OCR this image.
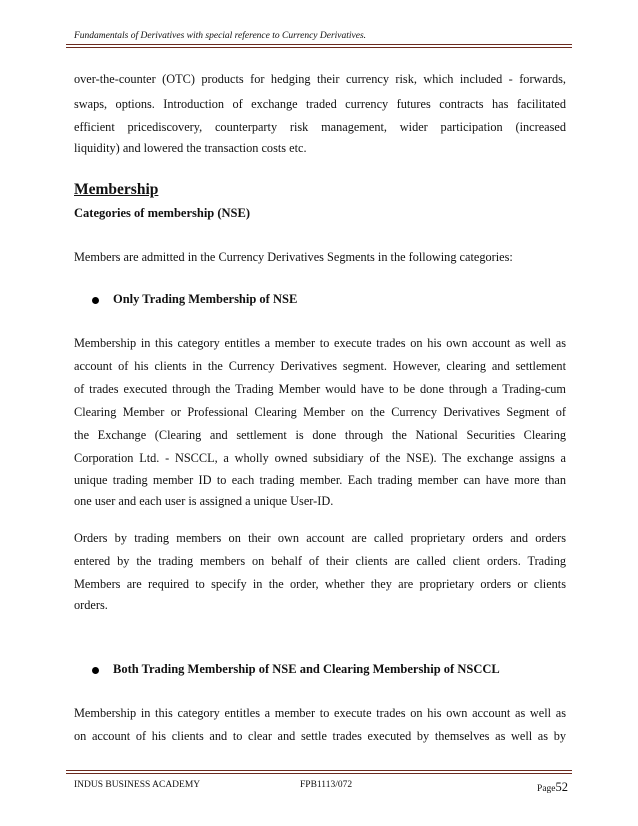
Fundamentals of Derivatives with special reference to Currency Derivatives.
over-the-counter (OTC) products for hedging their currency risk, which included - forwards,
swaps, options. Introduction of exchange traded currency futures contracts has facilitated
efficient pricediscovery, counterparty risk management, wider participation (increased
liquidity) and lowered the transaction costs etc.
Membership
Categories of membership (NSE)
Members are admitted in the Currency Derivatives Segments in the following categories:
Only Trading Membership of NSE
Membership in this category entitles a member to execute trades on his own account as well as
account of his clients in the Currency Derivatives segment. However, clearing and settlement
of trades executed through the Trading Member would have to be done through a Trading-cum
Clearing Member or Professional Clearing Member on the Currency Derivatives Segment of
the Exchange (Clearing and settlement is done through the National Securities Clearing
Corporation Ltd. - NSCCL, a wholly owned subsidiary of the NSE). The exchange assigns a
unique trading member ID to each trading member. Each trading member can have more than
one user and each user is assigned a unique User-ID.
Orders by trading members on their own account are called proprietary orders and orders
entered by the trading members on behalf of their clients are called client orders. Trading
Members are required to specify in the order, whether they are proprietary orders or clients
orders.
Both Trading Membership of NSE and Clearing Membership of NSCCL
Membership in this category entitles a member to execute trades on his own account as well as
on account of his clients and to clear and settle trades executed by themselves as well as by
INDUS BUSINESS ACADEMY	FPB1113/072	Page52
